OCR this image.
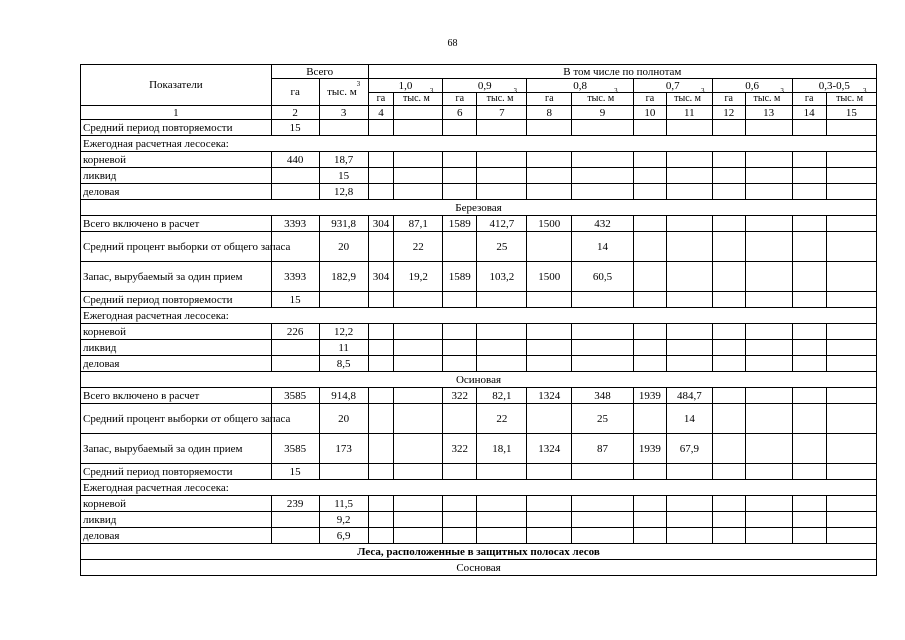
68
Показатели	Всего		В том числе по полнотам											
	га	тыс. $м^3$	1,0		0,9		0,8		0,7		0,6		0,3-0,5	
			га	тыс. $м^3$	га	тыс. $м^3$	га	тыс. $м^3$	га	тыс. $м^3$	га	тыс. $м^3$	га	тыс. $м^3$
1	2	3	4		6	7	8	9	10	11	12	13	14	15
Средний период повторяемости	15													
Ежегодная расчетная лесосека:														
корневой	440	18,7												
ликвид		15												
деловая		12,8												
Березовая														
Всего включено в расчет	3393	931,8	304	87,1	1589	412,7	1500	432						
Средний процент выборки от общего запаса		20		22		25		14						
Запас, вырубаемый за один прием	3393	182,9	304	19,2	1589	103,2	1500	60,5						
Средний период повторяемости	15													
Ежегодная расчетная лесосека:														
корневой	226	12,2												
ликвид		11												
деловая		8,5												
Осиновая														
Всего включено в расчет	3585	914,8			322	82,1	1324	348	1939	484,7				
Средний процент выборки от общего запаса		20				22		25		14				
Запас, вырубаемый за один прием	3585	173			322	18,1	1324	87	1939	67,9				
Средний период повторяемости	15													
Ежегодная расчетная лесосека:														
корневой	239	11,5												
ликвид		9,2												
деловая		6,9												
Леса, расположенные в защитных полосах лесов														
Сосновая														
